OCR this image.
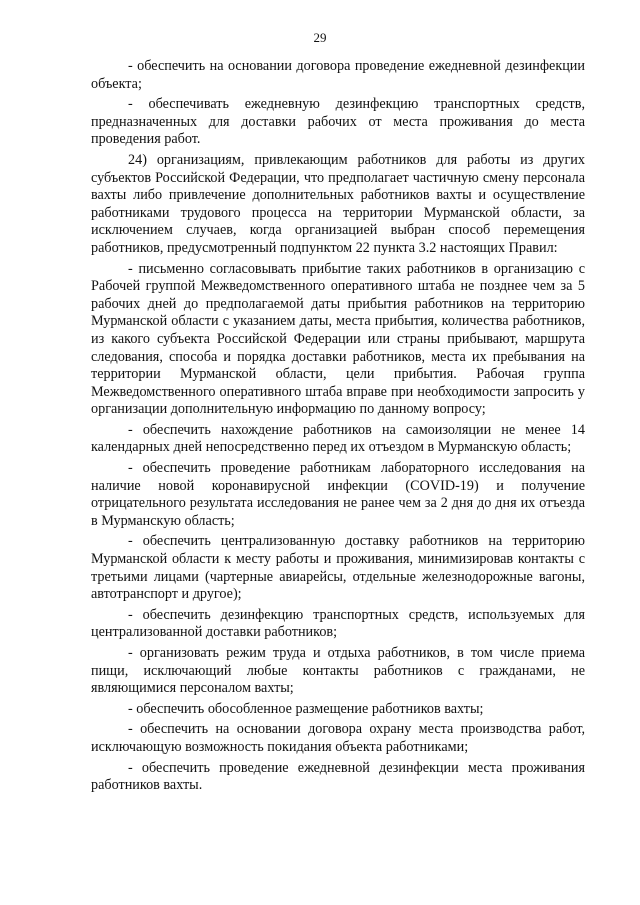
29

- обеспечить на основании договора проведение ежедневной дезинфекции объекта;

- обеспечивать ежедневную дезинфекцию транспортных средств, предназначенных для доставки рабочих от места проживания до места проведения работ.

24) организациям, привлекающим работников для работы из других субъектов Российской Федерации, что предполагает частичную смену персонала вахты либо привлечение дополнительных работников вахты и осуществление работниками трудового процесса на территории Мурманской области, за исключением случаев, когда организацией выбран способ перемещения работников, предусмотренный подпунктом 22 пункта 3.2 настоящих Правил:

- письменно согласовывать прибытие таких работников в организацию с Рабочей группой Межведомственного оперативного штаба не позднее чем за 5 рабочих дней до предполагаемой даты прибытия работников на территорию Мурманской области с указанием даты, места прибытия, количества работников, из какого субъекта Российской Федерации или страны прибывают, маршрута следования, способа и порядка доставки работников, места их пребывания на территории Мурманской области, цели прибытия. Рабочая группа Межведомственного оперативного штаба вправе при необходимости запросить у организации дополнительную информацию по данному вопросу;

- обеспечить нахождение работников на самоизоляции не менее 14 календарных дней непосредственно перед их отъездом в Мурманскую область;

- обеспечить проведение работникам лабораторного исследования на наличие новой коронавирусной инфекции (COVID-19) и получение отрицательного результата исследования не ранее чем за 2 дня до дня их отъезда в Мурманскую область;

- обеспечить централизованную доставку работников на территорию Мурманской области к месту работы и проживания, минимизировав контакты с третьими лицами (чартерные авиарейсы, отдельные железнодорожные вагоны, автотранспорт и другое);

- обеспечить дезинфекцию транспортных средств, используемых для централизованной доставки работников;

- организовать режим труда и отдыха работников, в том числе приема пищи, исключающий любые контакты работников с гражданами, не являющимися персоналом вахты;

- обеспечить обособленное размещение работников вахты;

- обеспечить на основании договора охрану места производства работ, исключающую возможность покидания объекта работниками;

- обеспечить проведение ежедневной дезинфекции места проживания работников вахты.
